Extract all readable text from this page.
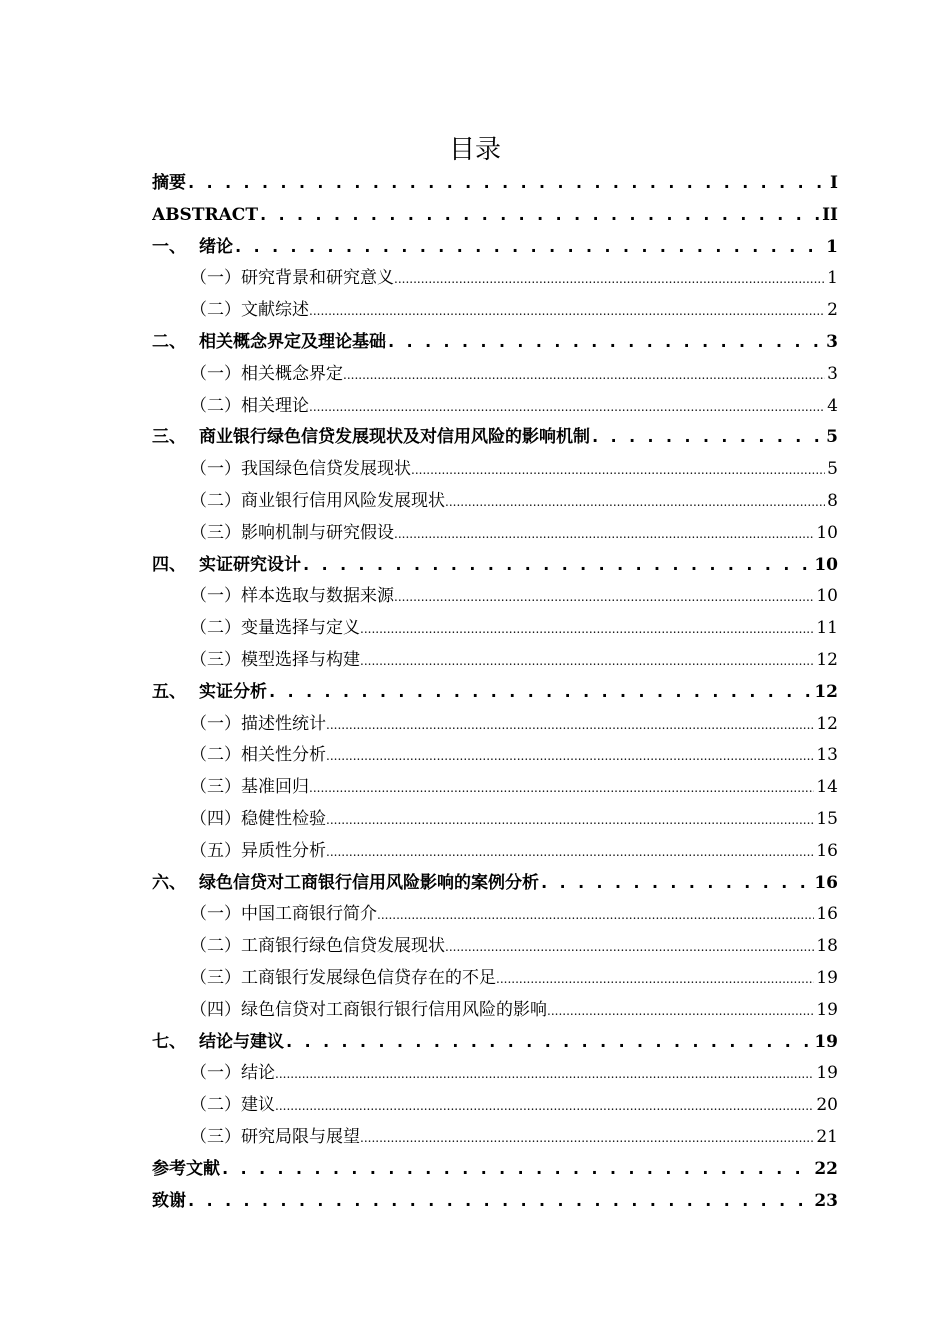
目录
摘要 . . .	I
ABSTRACT . . .	II
一、 绪论 . . .	1
（一）研究背景和研究意义 .....	1
（二）文献综述 .....	2
二、 相关概念界定及理论基础 . . .	3
（一）相关概念界定 .....	3
（二）相关理论 .....	4
三、 商业银行绿色信贷发展现状及对信用风险的影响机制 . . .	5
（一）我国绿色信贷发展现状 .....	5
（二）商业银行信用风险发展现状 .....	8
（三）影响机制与研究假设 .....	10
四、 实证研究设计 . . .	10
（一）样本选取与数据来源 .....	10
（二）变量选择与定义 .....	11
（三）模型选择与构建 .....	12
五、 实证分析 . . .	12
（一）描述性统计 .....	12
（二）相关性分析 .....	13
（三）基准回归 .....	14
（四）稳健性检验 .....	15
（五）异质性分析 .....	16
六、 绿色信贷对工商银行信用风险影响的案例分析 . . .	16
（一）中国工商银行简介 .....	16
（二）工商银行绿色信贷发展现状 .....	18
（三）工商银行发展绿色信贷存在的不足 .....	19
（四）绿色信贷对工商银行银行信用风险的影响 .....	19
七、 结论与建议 . . .	19
（一）结论 .....	19
（二）建议 .....	20
（三）研究局限与展望 .....	21
参考文献 . . .	22
致谢 . . .	23
